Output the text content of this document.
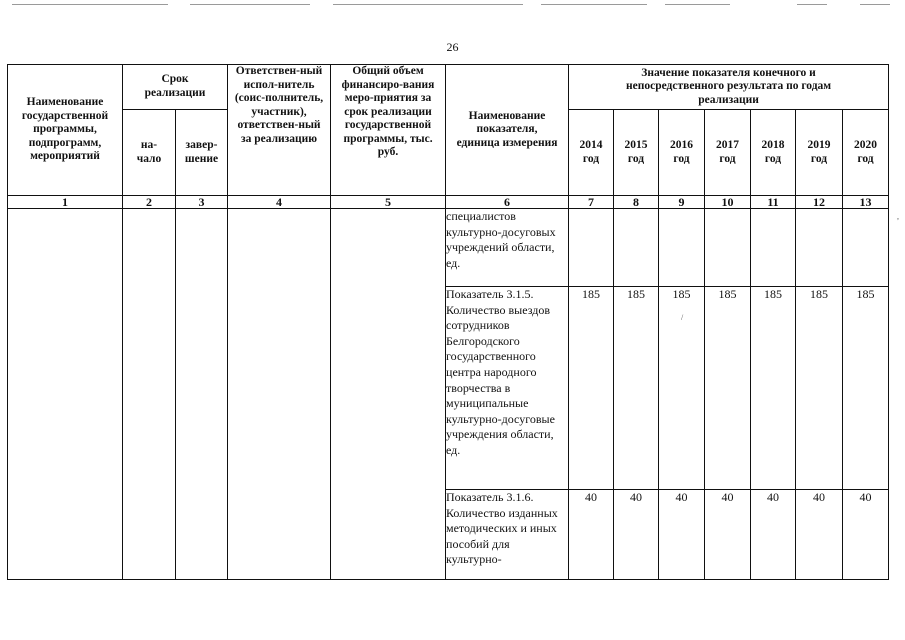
26
Наименование государственной программы, подпрограмм, мероприятий	Срок реализации		Ответствен-ный испол-нитель (соис-полнитель, участник), ответствен-ный за реализацию	Общий объем финансиро-вания меро-приятия за срок реализации государственной программы, тыс. руб.	Наименование показателя, единица измерения	Значение показателя конечного и непосредственного результата по годам реализации						
	на-чало	завер-шение				2014 год	2015 год	2016 год	2017 год	2018 год	2019 год	2020 год
1	2	3	4	5	6	7	8	9	10	11	12	13
					специалистов культурно-досуговых учреждений области, ед.							
					Показатель 3.1.5. Количество выездов сотрудников Белгородского государственного центра народного творчества в муниципальные культурно-досуговые учреждения области, ед.	185	185	185	185	185	185	185
					Показатель 3.1.6. Количество изданных методических и иных пособий для культурно-	40	40	40	40	40	40	40
/
,
